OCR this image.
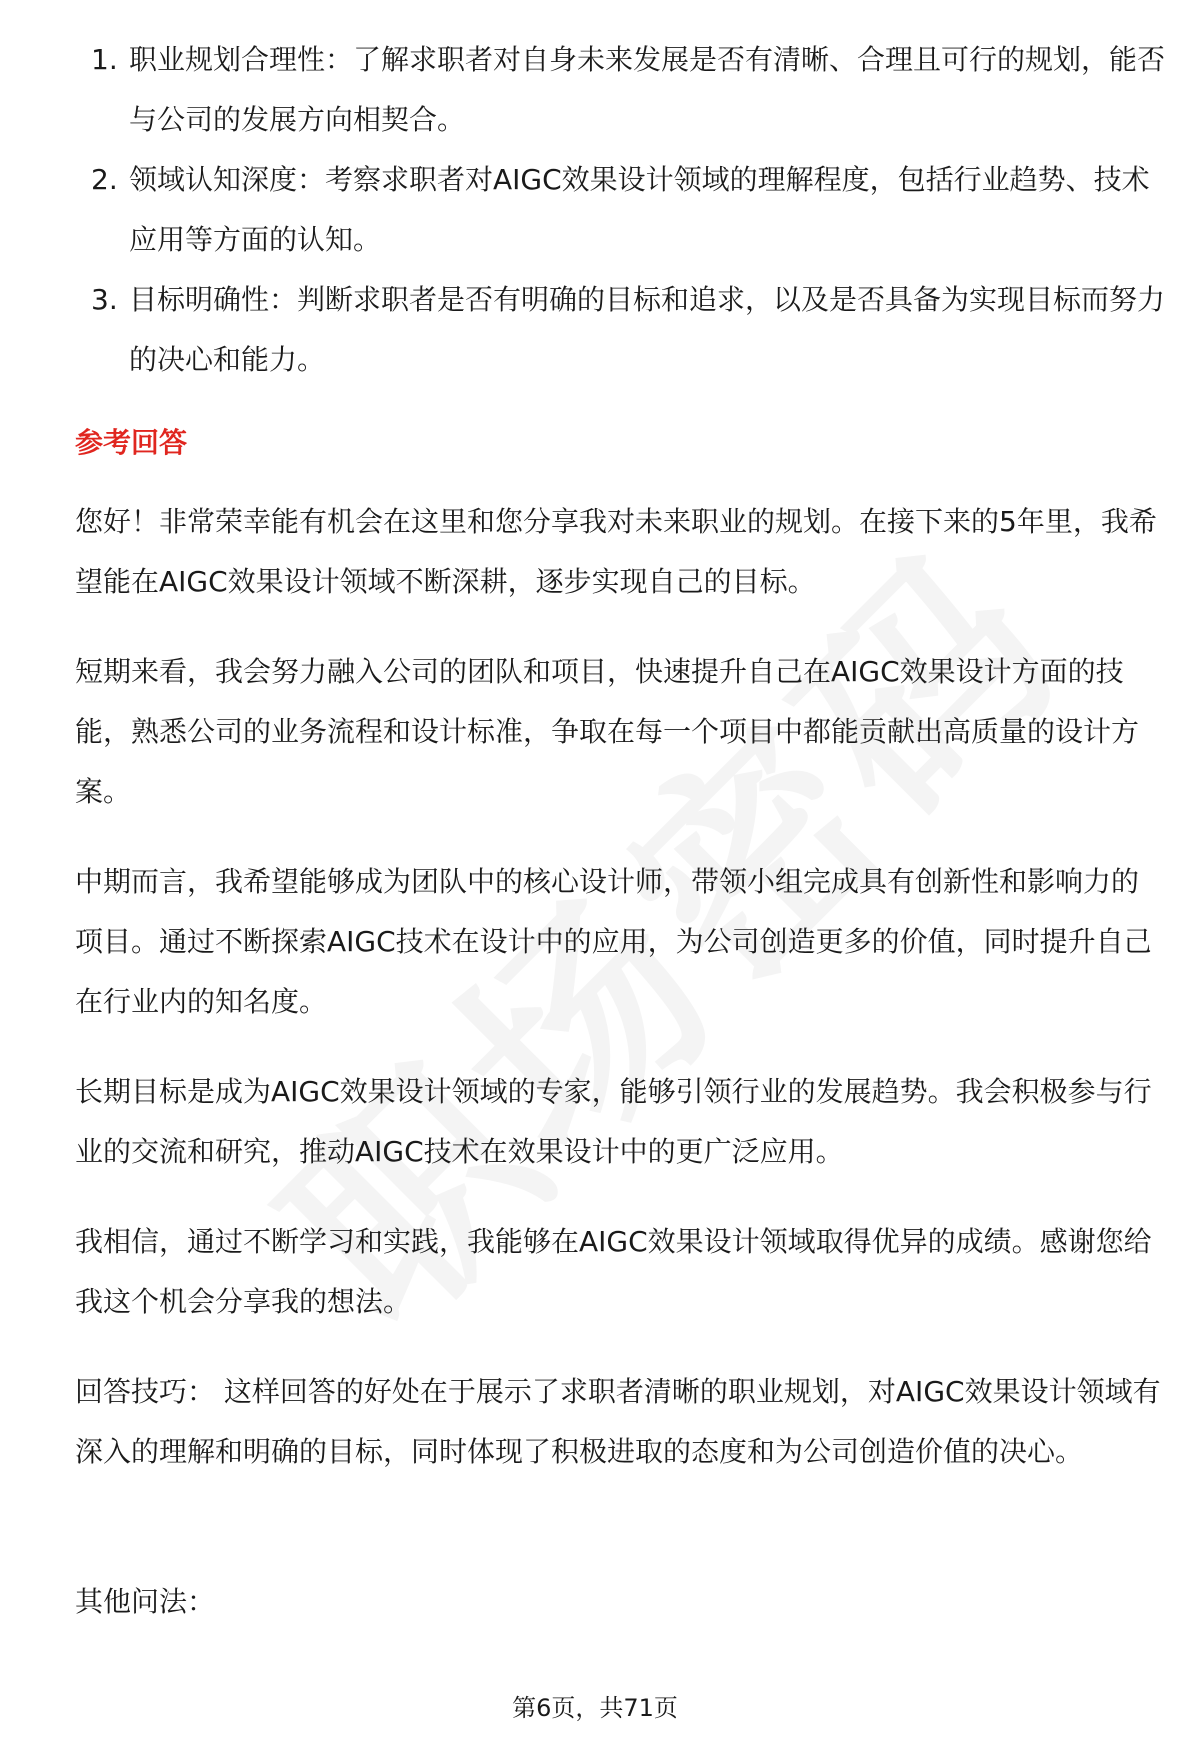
1. 职业规划合理性：了解求职者对自身未来发展是否有清晰、合理且可行的规划，能否与公司的发展方向相契合。
2. 领域认知深度：考察求职者对AIGC效果设计领域的理解程度，包括行业趋势、技术应用等方面的认知。
3. 目标明确性：判断求职者是否有明确的目标和追求，以及是否具备为实现目标而努力的决心和能力。
参考回答

您好！非常荣幸能有机会在这里和您分享我对未来职业的规划。在接下来的5年里，我希望能在AIGC效果设计领域不断深耕，逐步实现自己的目标。

短期来看，我会努力融入公司的团队和项目，快速提升自己在AIGC效果设计方面的技能，熟悉公司的业务流程和设计标准，争取在每一个项目中都能贡献出高质量的设计方案。

中期而言，我希望能够成为团队中的核心设计师，带领小组完成具有创新性和影响力的项目。通过不断探索AIGC技术在设计中的应用，为公司创造更多的价值，同时提升自己在行业内的知名度。

长期目标是成为AIGC效果设计领域的专家，能够引领行业的发展趋势。我会积极参与行业的交流和研究，推动AIGC技术在效果设计中的更广泛应用。

我相信，通过不断学习和实践，我能够在AIGC效果设计领域取得优异的成绩。感谢您给我这个机会分享我的想法。

回答技巧： 这样回答的好处在于展示了求职者清晰的职业规划，对AIGC效果设计领域有深入的理解和明确的目标，同时体现了积极进取的态度和为公司创造价值的决心。

其他问法：

第6页，共71页
